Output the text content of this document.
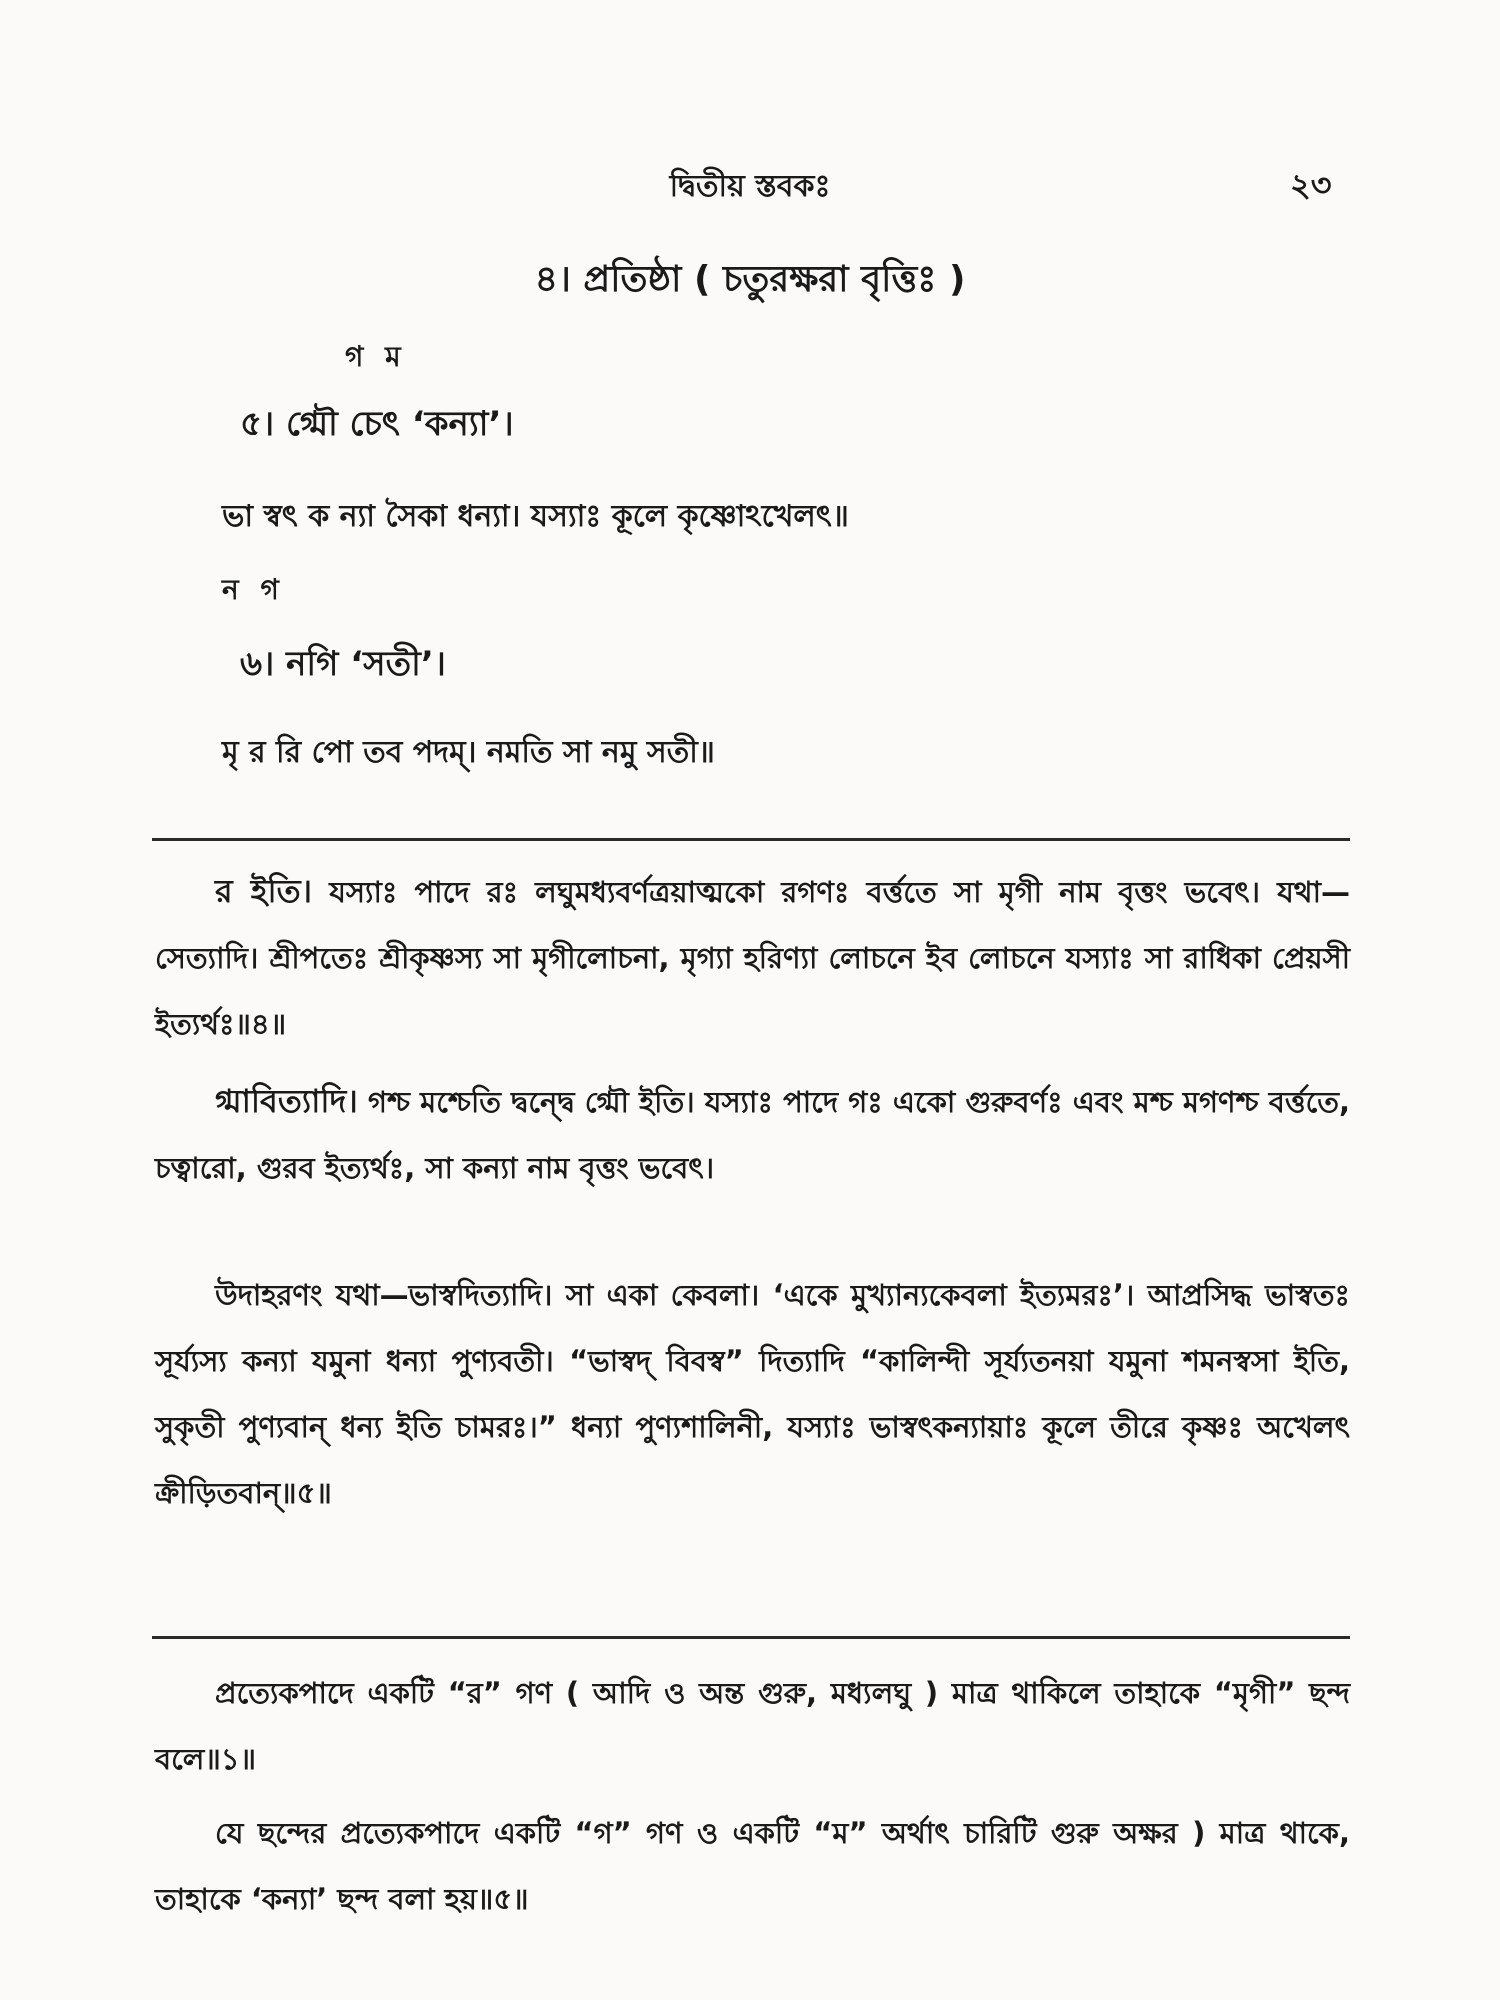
দ্বিতীয় স্তবকঃ	২৩
৪। প্রতিষ্ঠা ( চতুরক্ষরা বৃত্তিঃ )
গ ম
৫। গ্মৌ চেৎ ‘কন্যা’।
ভা স্বৎ ক ন্যা সৈকা ধন্যা। যস্যাঃ কূলে কৃষ্ণোঽখেলৎ॥
ন গ
৬। নগি ‘সতী’।
মৃ র রি পো তব পদম্। নমতি সা নমু সতী॥
র ইতি। যস্যাঃ পাদে রঃ লঘুমধ্যবর্ণত্রয়াত্মকো রগণঃ বর্ত্ততে সা মৃগী নাম বৃত্তং ভবেৎ। যথা—সেত্যাদি। শ্রীপতেঃ শ্রীকৃষ্ণস্য সা মৃগীলোচনা, মৃগ্যা হরিণ্যা লোচনে ইব লোচনে যস্যাঃ সা রাধিকা প্রেয়সী ইত্যর্থঃ॥৪॥
গ্মাবিত্যাদি। গশ্চ মশ্চেতি দ্বন্দ্বে গ্মৌ ইতি। যস্যাঃ পাদে গঃ একো গুরুবর্ণঃ এবং মশ্চ মগণশ্চ বর্ত্ততে, চত্বারো, গুরব ইত্যর্থঃ, সা কন্যা নাম বৃত্তং ভবেৎ।
উদাহরণং যথা—ভাস্বদিত্যাদি। সা একা কেবলা। ‘একে মুখ্যান্যকেবলা ইত্যমরঃ’। আপ্রসিদ্ধ ভাস্বতঃ সূর্য্যস্য কন্যা যমুনা ধন্যা পুণ্যবতী। “ভাস্বদ্ বিবস্ব” দিত্যাদি “কালিন্দী সূর্য্যতনয়া যমুনা শমনস্বসা ইতি, সুকৃতী পুণ্যবান্ ধন্য ইতি চামরঃ।” ধন্যা পুণ্যশালিনী, যস্যাঃ ভাস্বৎকন্যায়াঃ কূলে তীরে কৃষ্ণঃ অখেলৎ ক্রীড়িতবান্॥৫॥
প্রত্যেকপাদে একটি “র” গণ ( আদি ও অন্ত গুরু, মধ্যলঘু ) মাত্র থাকিলে তাহাকে “মৃগী” ছন্দ বলে॥১॥
যে ছন্দের প্রত্যেকপাদে একটি “গ” গণ ও একটি “ম” অর্থাৎ চারিটি গুরু অক্ষর ) মাত্র থাকে, তাহাকে ‘কন্যা’ ছন্দ বলা হয়॥৫॥
